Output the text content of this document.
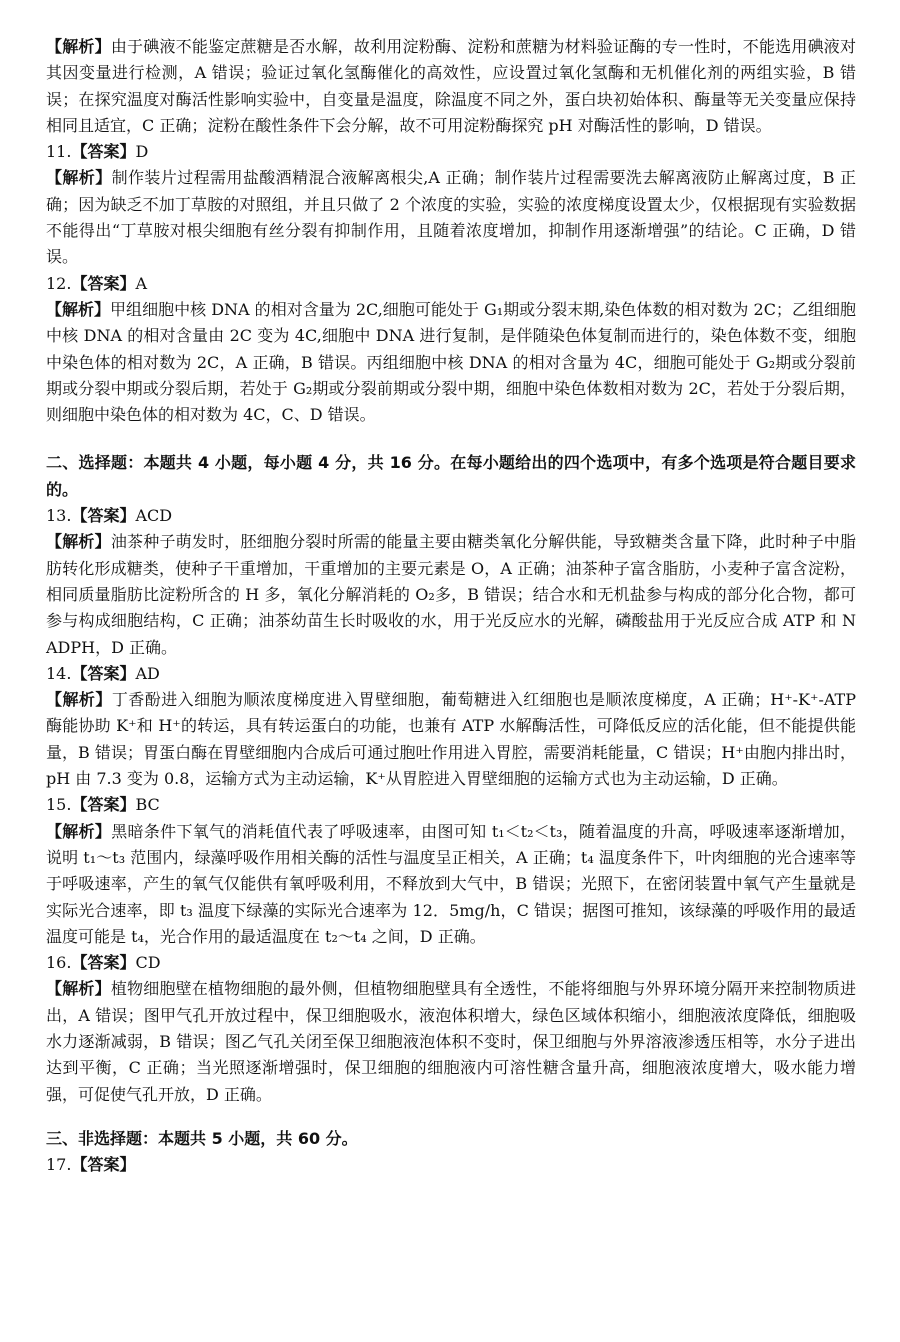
【解析】由于碘液不能鉴定蔗糖是否水解，故利用淀粉酶、淀粉和蔗糖为材料验证酶的专一性时，不能选用碘液对其因变量进行检测，A 错误；验证过氧化氢酶催化的高效性，应设置过氧化氢酶和无机催化剂的两组实验，B 错误；在探究温度对酶活性影响实验中，自变量是温度，除温度不同之外，蛋白块初始体积、酶量等无关变量应保持相同且适宜，C 正确；淀粉在酸性条件下会分解，故不可用淀粉酶探究 pH 对酶活性的影响，D 错误。

11.【答案】D

【解析】制作装片过程需用盐酸酒精混合液解离根尖,A 正确；制作装片过程需要洗去解离液防止解离过度，B 正确；因为缺乏不加丁草胺的对照组，并且只做了 2 个浓度的实验，实验的浓度梯度设置太少，仅根据现有实验数据不能得出“丁草胺对根尖细胞有丝分裂有抑制作用，且随着浓度增加，抑制作用逐渐增强”的结论。C 正确，D 错误。

12.【答案】A

【解析】甲组细胞中核 DNA 的相对含量为 2C,细胞可能处于 G₁期或分裂末期,染色体数的相对数为 2C；乙组细胞中核 DNA 的相对含量由 2C 变为 4C,细胞中 DNA 进行复制，是伴随染色体复制而进行的，染色体数不变，细胞中染色体的相对数为 2C，A 正确，B 错误。丙组细胞中核 DNA 的相对含量为 4C，细胞可能处于 G₂期或分裂前期或分裂中期或分裂后期，若处于 G₂期或分裂前期或分裂中期，细胞中染色体数相对数为 2C，若处于分裂后期，则细胞中染色体的相对数为 4C，C、D 错误。

二、选择题：本题共 4 小题，每小题 4 分，共 16 分。在每小题给出的四个选项中，有多个选项是符合题目要求的。

13.【答案】ACD

【解析】油茶种子萌发时，胚细胞分裂时所需的能量主要由糖类氧化分解供能，导致糖类含量下降，此时种子中脂肪转化形成糖类，使种子干重增加，干重增加的主要元素是 O，A 正确；油茶种子富含脂肪，小麦种子富含淀粉，相同质量脂肪比淀粉所含的 H 多，氧化分解消耗的 O₂多，B 错误；结合水和无机盐参与构成的部分化合物，都可参与构成细胞结构，C 正确；油茶幼苗生长时吸收的水，用于光反应水的光解，磷酸盐用于光反应合成 ATP 和 NADPH，D 正确。

14.【答案】AD

【解析】丁香酚进入细胞为顺浓度梯度进入胃壁细胞，葡萄糖进入红细胞也是顺浓度梯度，A 正确；H⁺-K⁺-ATP 酶能协助 K⁺和 H⁺的转运，具有转运蛋白的功能，也兼有 ATP 水解酶活性，可降低反应的活化能，但不能提供能量，B 错误；胃蛋白酶在胃壁细胞内合成后可通过胞吐作用进入胃腔，需要消耗能量，C 错误；H⁺由胞内排出时，pH 由 7.3 变为 0.8，运输方式为主动运输，K⁺从胃腔进入胃壁细胞的运输方式也为主动运输，D 正确。

15.【答案】BC

【解析】黑暗条件下氧气的消耗值代表了呼吸速率，由图可知 t₁＜t₂＜t₃，随着温度的升高，呼吸速率逐渐增加，说明 t₁～t₃ 范围内，绿藻呼吸作用相关酶的活性与温度呈正相关，A 正确；t₄ 温度条件下，叶肉细胞的光合速率等于呼吸速率，产生的氧气仅能供有氧呼吸利用，不释放到大气中，B 错误；光照下，在密闭装置中氧气产生量就是实际光合速率，即 t₃ 温度下绿藻的实际光合速率为 12．5mg/h，C 错误；据图可推知，该绿藻的呼吸作用的最适温度可能是 t₄，光合作用的最适温度在 t₂～t₄ 之间，D 正确。

16.【答案】CD

【解析】植物细胞壁在植物细胞的最外侧，但植物细胞壁具有全透性，不能将细胞与外界环境分隔开来控制物质进出，A 错误；图甲气孔开放过程中，保卫细胞吸水，液泡体积增大，绿色区域体积缩小，细胞液浓度降低，细胞吸水力逐渐减弱，B 错误；图乙气孔关闭至保卫细胞液泡体积不变时，保卫细胞与外界溶液渗透压相等，水分子进出达到平衡，C 正确；当光照逐渐增强时，保卫细胞的细胞液内可溶性糖含量升高，细胞液浓度增大，吸水能力增强，可促使气孔开放，D 正确。

三、非选择题：本题共 5 小题，共 60 分。

17.【答案】
